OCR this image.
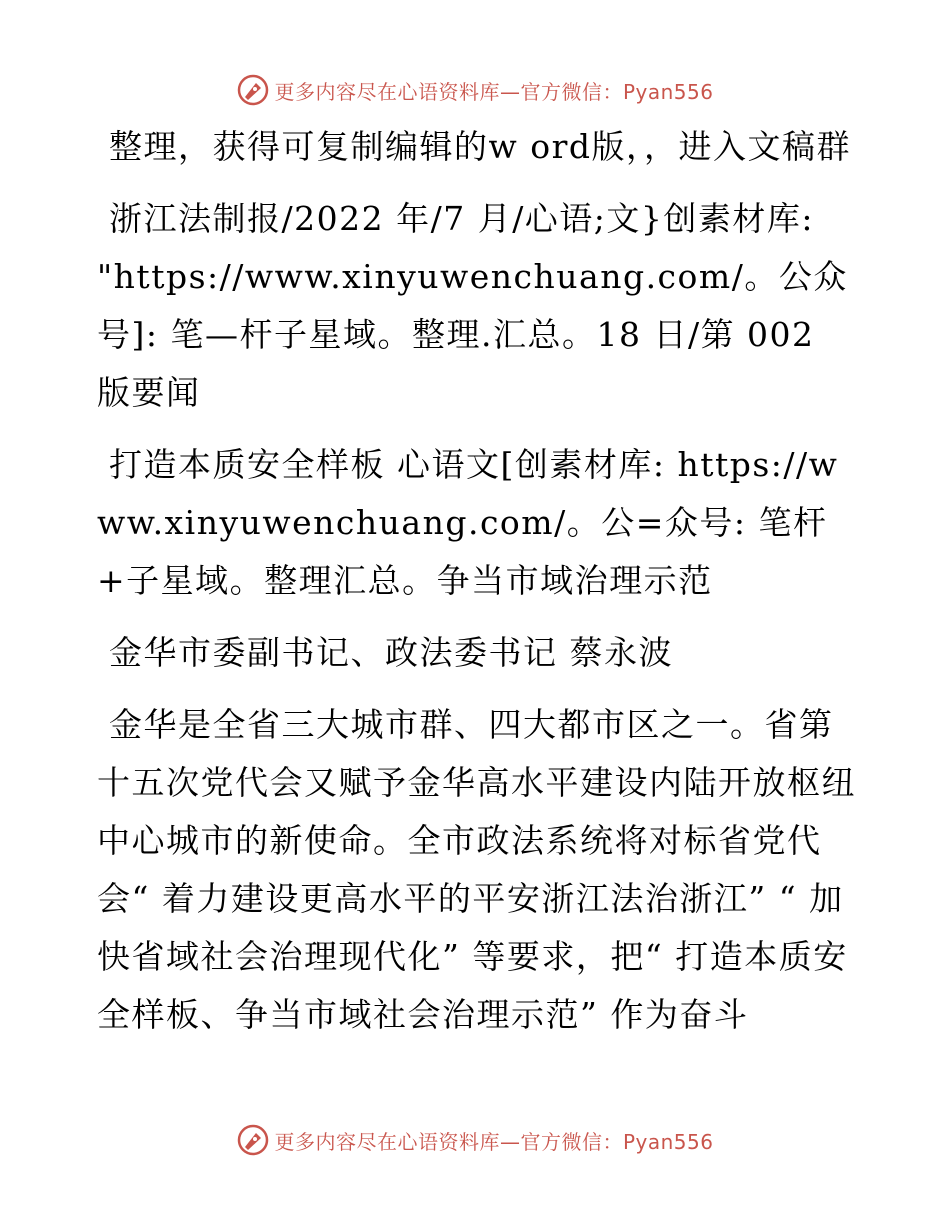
更多内容尽在心语资料库—官方微信：Pyan556

整理，获得可复制编辑的w ord版，，进入文稿群

浙江法制报/2022 年/7 月/心语;文}创素材库: "https://www.xinyuwenchuang.com/。公众号]: 笔—杆子星域。整理.汇总。18 日/第 002 版要闻

打造本质安全样板 心语文[创素材库: https://www.xinyuwenchuang.com/。公=众号: 笔杆+子星域。整理汇总。争当市域治理示范

金华市委副书记、政法委书记 蔡永波

金华是全省三大城市群、四大都市区之一。省第十五次党代会又赋予金华高水平建设内陆开放枢纽中心城市的新使命。全市政法系统将对标省党代会“ 着力建设更高水平的平安浙江法治浙江” “ 加快省域社会治理现代化” 等要求，把“ 打造本质安全样板、争当市域社会治理示范” 作为奋斗

更多内容尽在心语资料库—官方微信：Pyan556
